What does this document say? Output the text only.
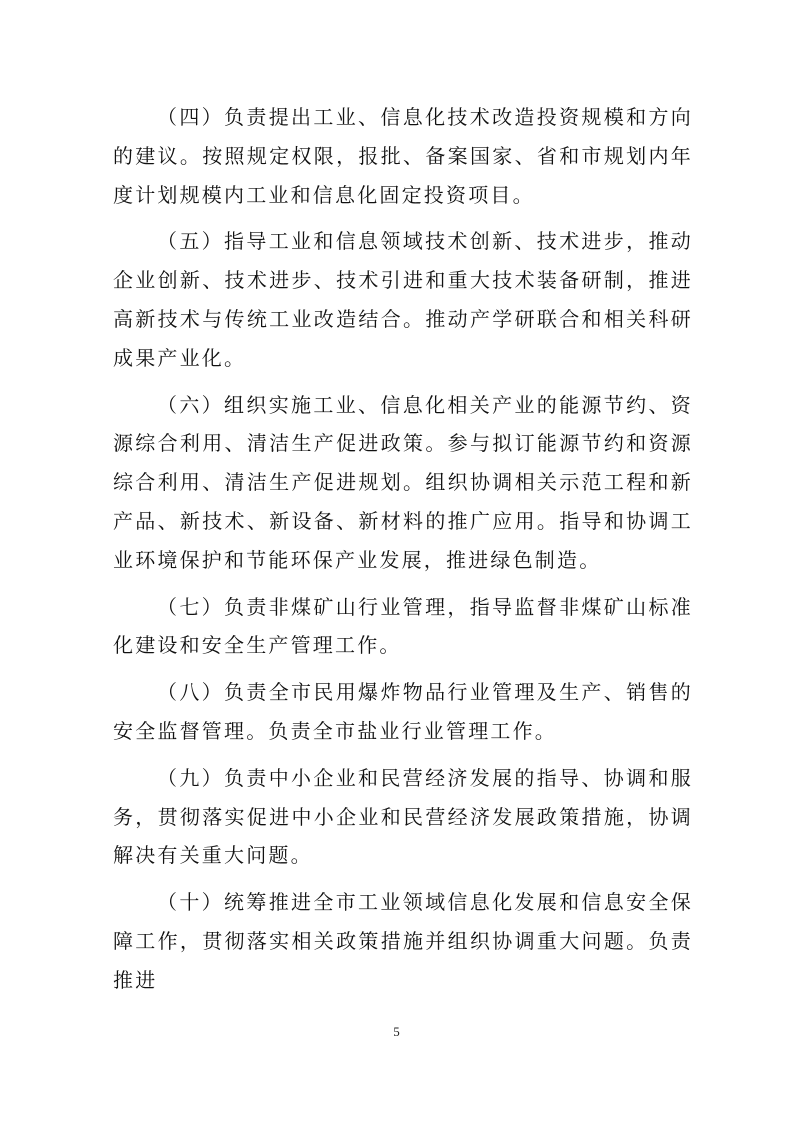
（四）负责提出工业、信息化技术改造投资规模和方向的建议。按照规定权限，报批、备案国家、省和市规划内年度计划规模内工业和信息化固定投资项目。

（五）指导工业和信息领域技术创新、技术进步，推动企业创新、技术进步、技术引进和重大技术装备研制，推进高新技术与传统工业改造结合。推动产学研联合和相关科研成果产业化。

（六）组织实施工业、信息化相关产业的能源节约、资源综合利用、清洁生产促进政策。参与拟订能源节约和资源综合利用、清洁生产促进规划。组织协调相关示范工程和新产品、新技术、新设备、新材料的推广应用。指导和协调工业环境保护和节能环保产业发展，推进绿色制造。

（七）负责非煤矿山行业管理，指导监督非煤矿山标准化建设和安全生产管理工作。

（八）负责全市民用爆炸物品行业管理及生产、销售的安全监督管理。负责全市盐业行业管理工作。

（九）负责中小企业和民营经济发展的指导、协调和服务，贯彻落实促进中小企业和民营经济发展政策措施，协调解决有关重大问题。

（十）统筹推进全市工业领域信息化发展和信息安全保障工作，贯彻落实相关政策措施并组织协调重大问题。负责推进

5
